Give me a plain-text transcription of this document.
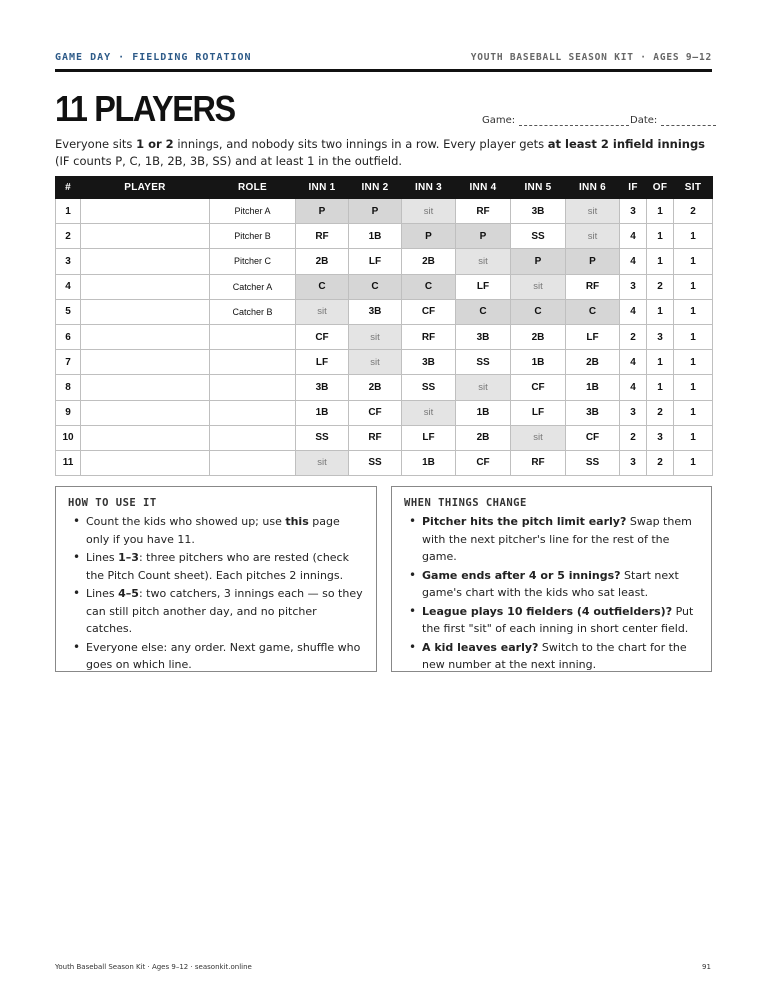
GAME DAY · FIELDING ROTATION	YOUTH BASEBALL SEASON KIT · AGES 9–12
11 PLAYERS	Game:	Date:

Everyone sits 1 or 2 innings, and nobody sits two innings in a row. Every player gets at least 2 infield innings (IF counts P, C, 1B, 2B, 3B, SS) and at least 1 in the outfield.

#	PLAYER	ROLE	INN 1	INN 2	INN 3	INN 4	INN 5	INN 6	IF	OF	SIT
1		Pitcher A	P	P	sit	RF	3B	sit	3	1	2
2		Pitcher B	RF	1B	P	P	SS	sit	4	1	1
3		Pitcher C	2B	LF	2B	sit	P	P	4	1	1
4		Catcher A	C	C	C	LF	sit	RF	3	2	1
5		Catcher B	sit	3B	CF	C	C	C	4	1	1
6			CF	sit	RF	3B	2B	LF	2	3	1
7			LF	sit	3B	SS	1B	2B	4	1	1
8			3B	2B	SS	sit	CF	1B	4	1	1
9			1B	CF	sit	1B	LF	3B	3	2	1
10			SS	RF	LF	2B	sit	CF	2	3	1
11			sit	SS	1B	CF	RF	SS	3	2	1
HOW TO USE IT
• Count the kids who showed up; use this page only if you have 11.
• Lines 1–3: three pitchers who are rested (check the Pitch Count sheet). Each pitches 2 innings.
• Lines 4–5: two catchers, 3 innings each — so they can still pitch another day, and no pitcher catches.
• Everyone else: any order. Next game, shuffle who goes on which line.
WHEN THINGS CHANGE
• Pitcher hits the pitch limit early? Swap them with the next pitcher's line for the rest of the game.
• Game ends after 4 or 5 innings? Start next game's chart with the kids who sat least.
• League plays 10 fielders (4 outfielders)? Put the first "sit" of each inning in short center field.
• A kid leaves early? Switch to the chart for the new number at the next inning.
Youth Baseball Season Kit · Ages 9–12 · seasonkit.online	91
